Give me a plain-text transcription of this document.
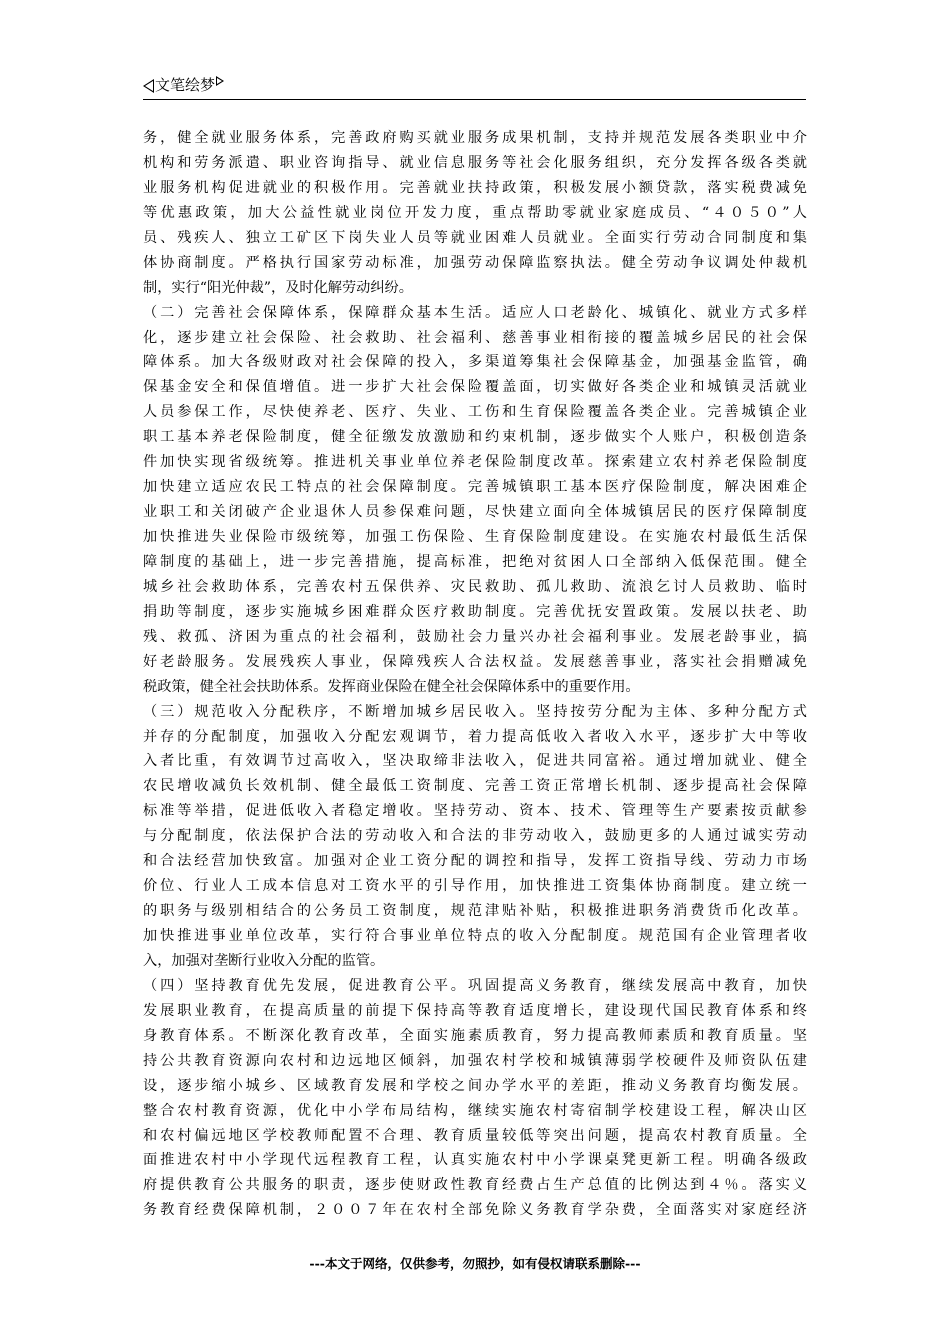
文笔绘梦
务，健全就业服务体系，完善政府购买就业服务成果机制，支持并规范发展各类职业中介
机构和劳务派遣、职业咨询指导、就业信息服务等社会化服务组织，充分发挥各级各类就
业服务机构促进就业的积极作用。完善就业扶持政策，积极发展小额贷款，落实税费减免
等优惠政策，加大公益性就业岗位开发力度，重点帮助零就业家庭成员、“４０５０”人
员、残疾人、独立工矿区下岗失业人员等就业困难人员就业。全面实行劳动合同制度和集
体协商制度。严格执行国家劳动标准，加强劳动保障监察执法。健全劳动争议调处仲裁机
制，实行“阳光仲裁”，及时化解劳动纠纷。
（二）完善社会保障体系，保障群众基本生活。适应人口老龄化、城镇化、就业方式多样
化，逐步建立社会保险、社会救助、社会福利、慈善事业相衔接的覆盖城乡居民的社会保
障体系。加大各级财政对社会保障的投入，多渠道筹集社会保障基金，加强基金监管，确
保基金安全和保值增值。进一步扩大社会保险覆盖面，切实做好各类企业和城镇灵活就业
人员参保工作，尽快使养老、医疗、失业、工伤和生育保险覆盖各类企业。完善城镇企业
职工基本养老保险制度，健全征缴发放激励和约束机制，逐步做实个人账户，积极创造条
件加快实现省级统筹。推进机关事业单位养老保险制度改革。探索建立农村养老保险制度
加快建立适应农民工特点的社会保障制度。完善城镇职工基本医疗保险制度，解决困难企
业职工和关闭破产企业退休人员参保难问题，尽快建立面向全体城镇居民的医疗保障制度
加快推进失业保险市级统筹，加强工伤保险、生育保险制度建设。在实施农村最低生活保
障制度的基础上，进一步完善措施，提高标准，把绝对贫困人口全部纳入低保范围。健全
城乡社会救助体系，完善农村五保供养、灾民救助、孤儿救助、流浪乞讨人员救助、临时
捐助等制度，逐步实施城乡困难群众医疗救助制度。完善优抚安置政策。发展以扶老、助
残、救孤、济困为重点的社会福利，鼓励社会力量兴办社会福利事业。发展老龄事业，搞
好老龄服务。发展残疾人事业，保障残疾人合法权益。发展慈善事业，落实社会捐赠减免
税政策，健全社会扶助体系。发挥商业保险在健全社会保障体系中的重要作用。
（三）规范收入分配秩序，不断增加城乡居民收入。坚持按劳分配为主体、多种分配方式
并存的分配制度，加强收入分配宏观调节，着力提高低收入者收入水平，逐步扩大中等收
入者比重，有效调节过高收入，坚决取缔非法收入，促进共同富裕。通过增加就业、健全
农民增收减负长效机制、健全最低工资制度、完善工资正常增长机制、逐步提高社会保障
标准等举措，促进低收入者稳定增收。坚持劳动、资本、技术、管理等生产要素按贡献参
与分配制度，依法保护合法的劳动收入和合法的非劳动收入，鼓励更多的人通过诚实劳动
和合法经营加快致富。加强对企业工资分配的调控和指导，发挥工资指导线、劳动力市场
价位、行业人工成本信息对工资水平的引导作用，加快推进工资集体协商制度。建立统一
的职务与级别相结合的公务员工资制度，规范津贴补贴，积极推进职务消费货币化改革。
加快推进事业单位改革，实行符合事业单位特点的收入分配制度。规范国有企业管理者收
入，加强对垄断行业收入分配的监管。
（四）坚持教育优先发展，促进教育公平。巩固提高义务教育，继续发展高中教育，加快
发展职业教育，在提高质量的前提下保持高等教育适度增长，建设现代国民教育体系和终
身教育体系。不断深化教育改革，全面实施素质教育，努力提高教师素质和教育质量。坚
持公共教育资源向农村和边远地区倾斜，加强农村学校和城镇薄弱学校硬件及师资队伍建
设，逐步缩小城乡、区域教育发展和学校之间办学水平的差距，推动义务教育均衡发展。
整合农村教育资源，优化中小学布局结构，继续实施农村寄宿制学校建设工程，解决山区
和农村偏远地区学校教师配置不合理、教育质量较低等突出问题，提高农村教育质量。全
面推进农村中小学现代远程教育工程，认真实施农村中小学课桌凳更新工程。明确各级政
府提供教育公共服务的职责，逐步使财政性教育经费占生产总值的比例达到４％。落实义
务教育经费保障机制，２００７年在农村全部免除义务教育学杂费，全面落实对家庭经济
---本文于网络，仅供参考，勿照抄，如有侵权请联系删除---
